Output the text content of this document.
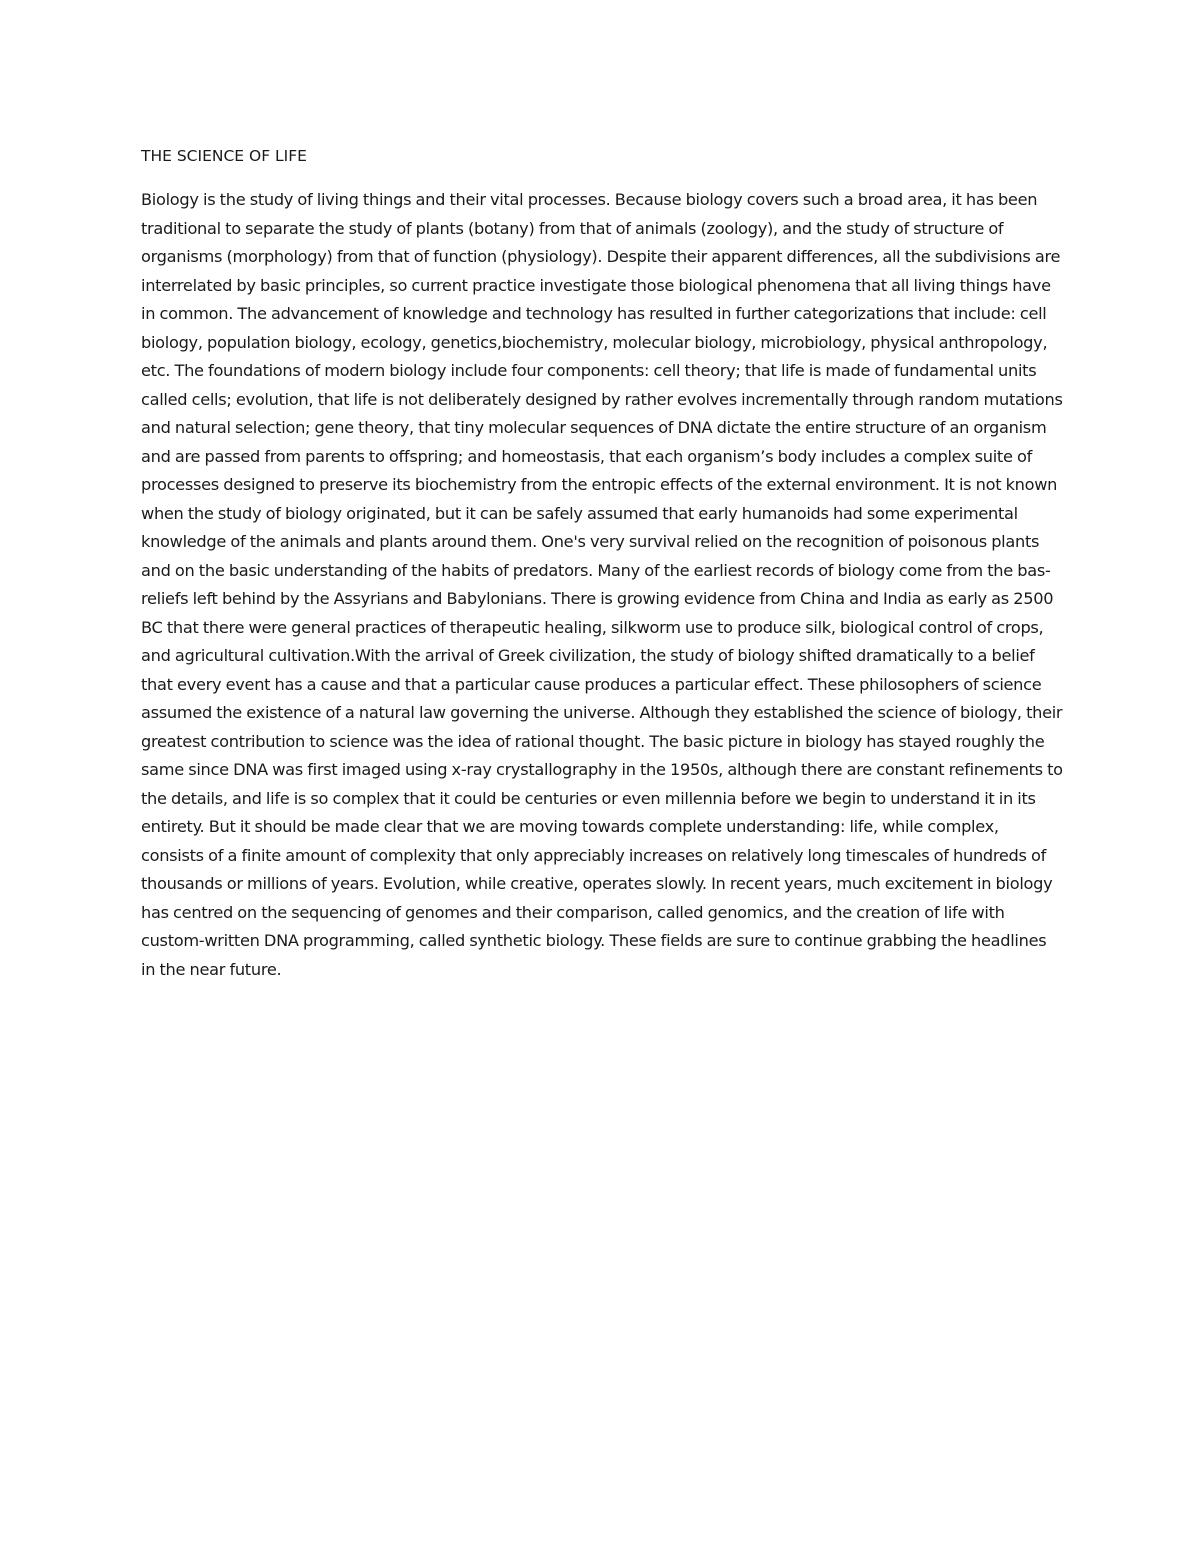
THE SCIENCE OF LIFE

Biology is the study of living things and their vital processes. Because biology covers such a broad area, it has been traditional to separate the study of plants (botany) from that of animals (zoology), and the study of structure of organisms (morphology) from that of function (physiology). Despite their apparent differences, all the subdivisions are interrelated by basic principles, so current practice investigate those biological phenomena that all living things have in common. The advancement of knowledge and technology has resulted in further categorizations that include: cell biology, population biology, ecology, genetics,biochemistry, molecular biology, microbiology, physical anthropology, etc. The foundations of modern biology include four components: cell theory; that life is made of fundamental units called cells; evolution, that life is not deliberately designed by rather evolves incrementally through random mutations and natural selection; gene theory, that tiny molecular sequences of DNA dictate the entire structure of an organism and are passed from parents to offspring; and homeostasis, that each organism’s body includes a complex suite of processes designed to preserve its biochemistry from the entropic effects of the external environment. It is not known when the study of biology originated, but it can be safely assumed that early humanoids had some experimental knowledge of the animals and plants around them. One's very survival relied on the recognition of poisonous plants and on the basic understanding of the habits of predators. Many of the earliest records of biology come from the bas-reliefs left behind by the Assyrians and Babylonians. There is growing evidence from China and India as early as 2500 BC that there were general practices of therapeutic healing, silkworm use to produce silk, biological control of crops, and agricultural cultivation.With the arrival of Greek civilization, the study of biology shifted dramatically to a belief that every event has a cause and that a particular cause produces a particular effect. These philosophers of science assumed the existence of a natural law governing the universe. Although they established the science of biology, their greatest contribution to science was the idea of rational thought. The basic picture in biology has stayed roughly the same since DNA was first imaged using x-ray crystallography in the 1950s, although there are constant refinements to the details, and life is so complex that it could be centuries or even millennia before we begin to understand it in its entirety. But it should be made clear that we are moving towards complete understanding: life, while complex, consists of a finite amount of complexity that only appreciably increases on relatively long timescales of hundreds of thousands or millions of years. Evolution, while creative, operates slowly. In recent years, much excitement in biology has centred on the sequencing of genomes and their comparison, called genomics, and the creation of life with custom-written DNA programming, called synthetic biology. These fields are sure to continue grabbing the headlines in the near future.
